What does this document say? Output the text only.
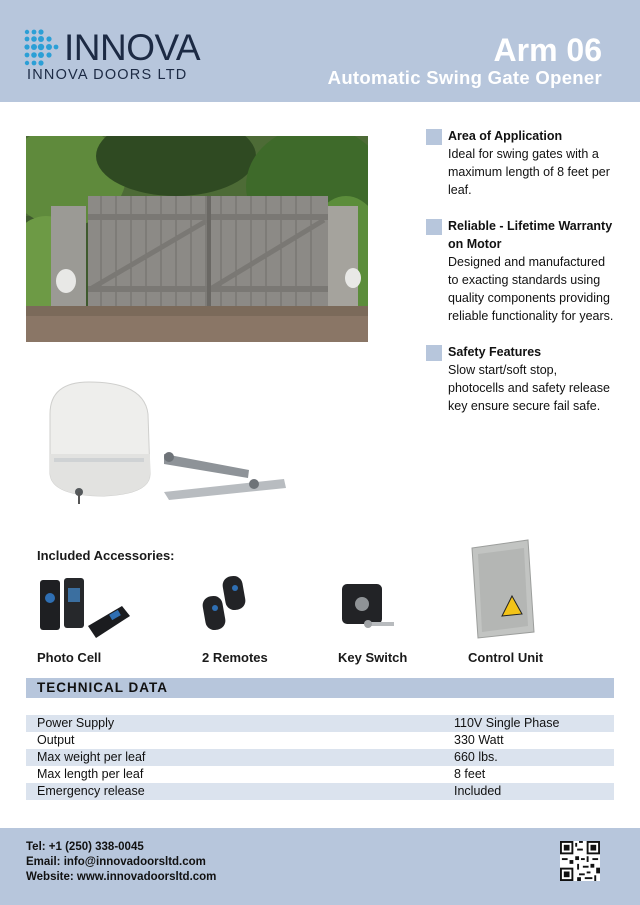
INNOVA
INNOVA DOORS LTD
Arm 06
Automatic Swing Gate Opener
Area of Application
Ideal for swing gates with a maximum length of 8 feet per leaf.
Reliable - Lifetime Warranty on Motor
Designed and manufactured to exacting standards using quality components providing reliable functionality for years.
Safety Features
Slow start/soft stop, photocells and safety release key ensure secure fail safe.
Included Accessories:
Photo Cell	2 Remotes	Key Switch	Control Unit
TECHNICAL DATA
Power Supply	110V Single Phase
Output	330 Watt
Max weight per leaf	660 lbs.
Max length per leaf	8 feet
Emergency release	Included
Tel: +1 (250) 338-0045
Email: info@innovadoorsltd.com
Website: www.innovadoorsltd.com
